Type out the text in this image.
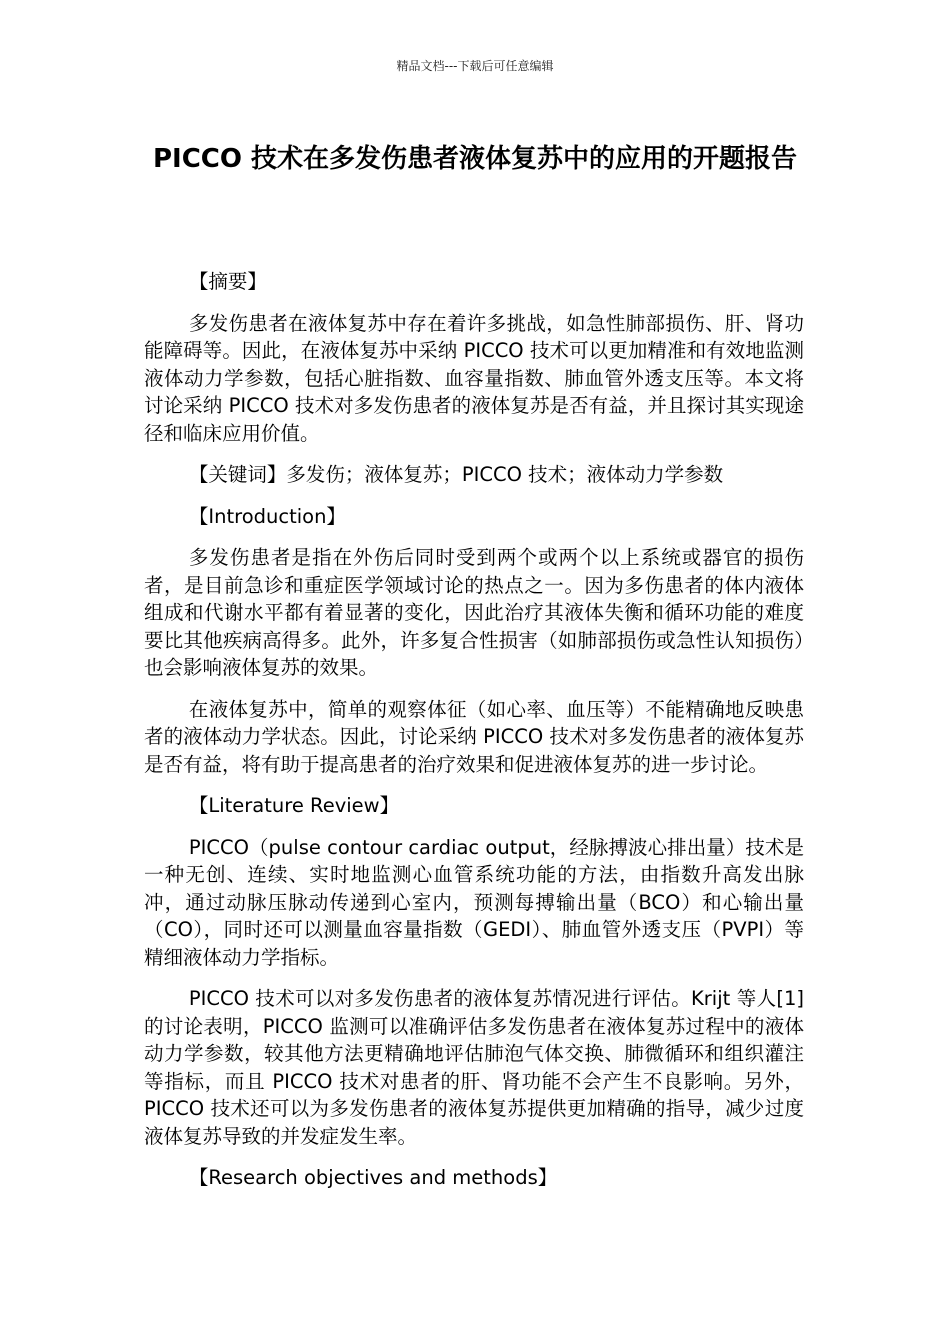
精品文档---下载后可任意编辑
PICCO 技术在多发伤患者液体复苏中的应用的开题报告

【摘要】

多发伤患者在液体复苏中存在着许多挑战，如急性肺部损伤、肝、肾功能障碍等。因此，在液体复苏中采纳 PICCO 技术可以更加精准和有效地监测液体动力学参数，包括心脏指数、血容量指数、肺血管外透支压等。本文将讨论采纳 PICCO 技术对多发伤患者的液体复苏是否有益，并且探讨其实现途径和临床应用价值。

【关键词】多发伤；液体复苏；PICCO 技术；液体动力学参数

【Introduction】

多发伤患者是指在外伤后同时受到两个或两个以上系统或器官的损伤者，是目前急诊和重症医学领域讨论的热点之一。因为多伤患者的体内液体组成和代谢水平都有着显著的变化，因此治疗其液体失衡和循环功能的难度要比其他疾病高得多。此外，许多复合性损害（如肺部损伤或急性认知损伤）也会影响液体复苏的效果。

在液体复苏中，简单的观察体征（如心率、血压等）不能精确地反映患者的液体动力学状态。因此，讨论采纳 PICCO 技术对多发伤患者的液体复苏是否有益，将有助于提高患者的治疗效果和促进液体复苏的进一步讨论。

【Literature Review】

PICCO（pulse contour cardiac output，经脉搏波心排出量）技术是一种无创、连续、实时地监测心血管系统功能的方法，由指数升高发出脉冲，通过动脉压脉动传递到心室内，预测每搏输出量（BCO）和心输出量（CO），同时还可以测量血容量指数（GEDI）、肺血管外透支压（PVPI）等精细液体动力学指标。

PICCO 技术可以对多发伤患者的液体复苏情况进行评估。Krijt 等人[1]的讨论表明，PICCO 监测可以准确评估多发伤患者在液体复苏过程中的液体动力学参数，较其他方法更精确地评估肺泡气体交换、肺微循环和组织灌注等指标，而且 PICCO 技术对患者的肝、肾功能不会产生不良影响。另外，PICCO 技术还可以为多发伤患者的液体复苏提供更加精确的指导，减少过度液体复苏导致的并发症发生率。

【Research objectives and methods】
